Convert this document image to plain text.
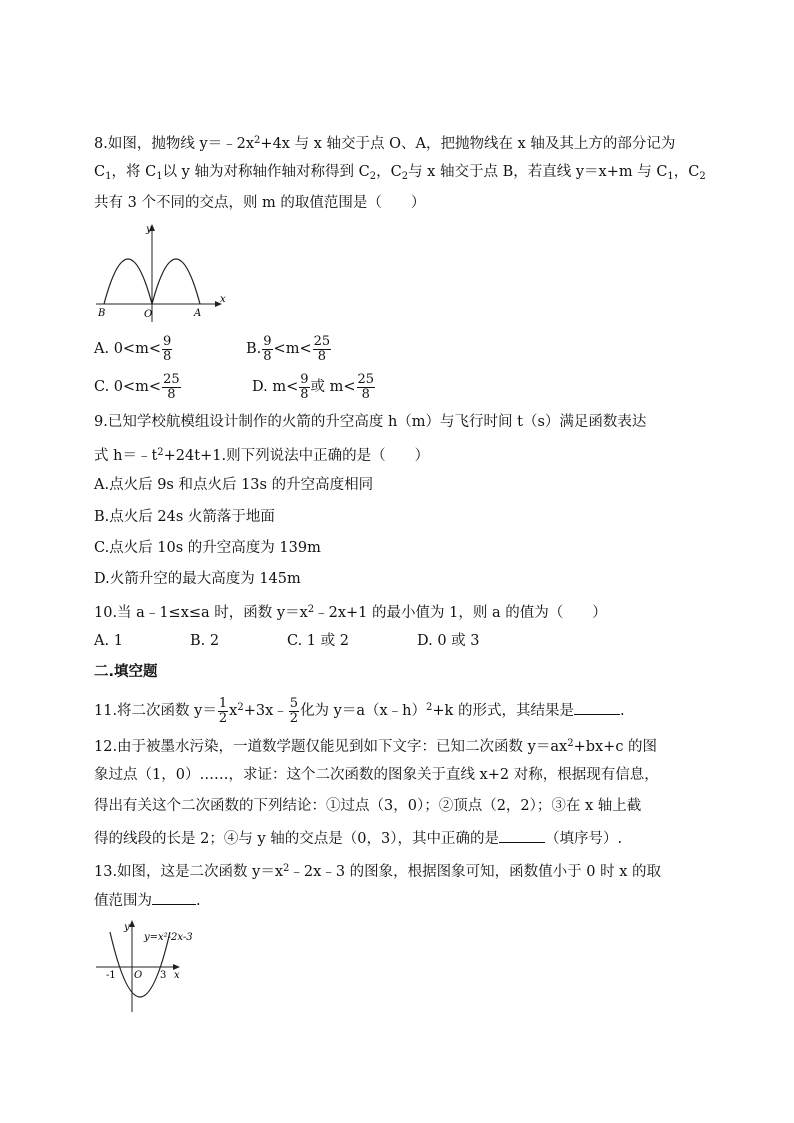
8.如图，抛物线 $y=﹣2x^2+4x$ 与 x 轴交于点 O、A，把抛物线在 x 轴及其上方的部分记为
$C_1$，将 $C_1$以 y 轴为对称轴作轴对称得到 $C_2$，$C_2$与 x 轴交于点 B，若直线 y＝x+m 与 $C_1$，$C_2$
共有 3 个不同的交点，则 m 的取值范围是（　　）
y
x
B	O	A
A. $0<m< \frac{9}{8}$	B. $\frac{9}{8} <m< \frac{25}{8}$
C. $0<m< \frac{25}{8}$	D. $m< \frac{9}{8}$ 或 $m< \frac{25}{8}$
9.已知学校航模组设计制作的火箭的升空高度 h（m）与飞行时间 t（s）满足函数表达
式 $h=﹣t^2+24t+1$.则下列说法中正确的是（　　）
A.点火后 9s 和点火后 13s 的升空高度相同
B.点火后 24s 火箭落于地面
C.点火后 10s 的升空高度为 139m
D.火箭升空的最大高度为 145m
10.当 a﹣1≤x≤a 时，函数 $y=x^2﹣2x+1$ 的最小值为 1，则 a 的值为（　　）
A. 1	B. 2	C. 1 或 2	D. 0 或 3
二.填空题
11.将二次函数 $y= \frac{1}{2}$ $x^2+3x﹣ \frac{5}{2}$ 化为 y＝a（x﹣h）$^2$+k 的形式，其结果是	.
12.由于被墨水污染，一道数学题仅能见到如下文字：已知二次函数 $y=ax^2+bx+c$ 的图
象过点（1，0）……，求证：这个二次函数的图象关于直线 x+2 对称，根据现有信息，
得出有关这个二次函数的下列结论：①过点（3，0）；②顶点（2，2）；③在 x 轴上截
得的线段的长是 2；④与 y 轴的交点是（0，3），其中正确的是	（填序号）.
13.如图，这是二次函数 $y=x^2﹣2x﹣3$ 的图象，根据图象可知，函数值小于 0 时 x 的取
值范围为	.
y=x²-2x-3
y
x
-1 O 3
